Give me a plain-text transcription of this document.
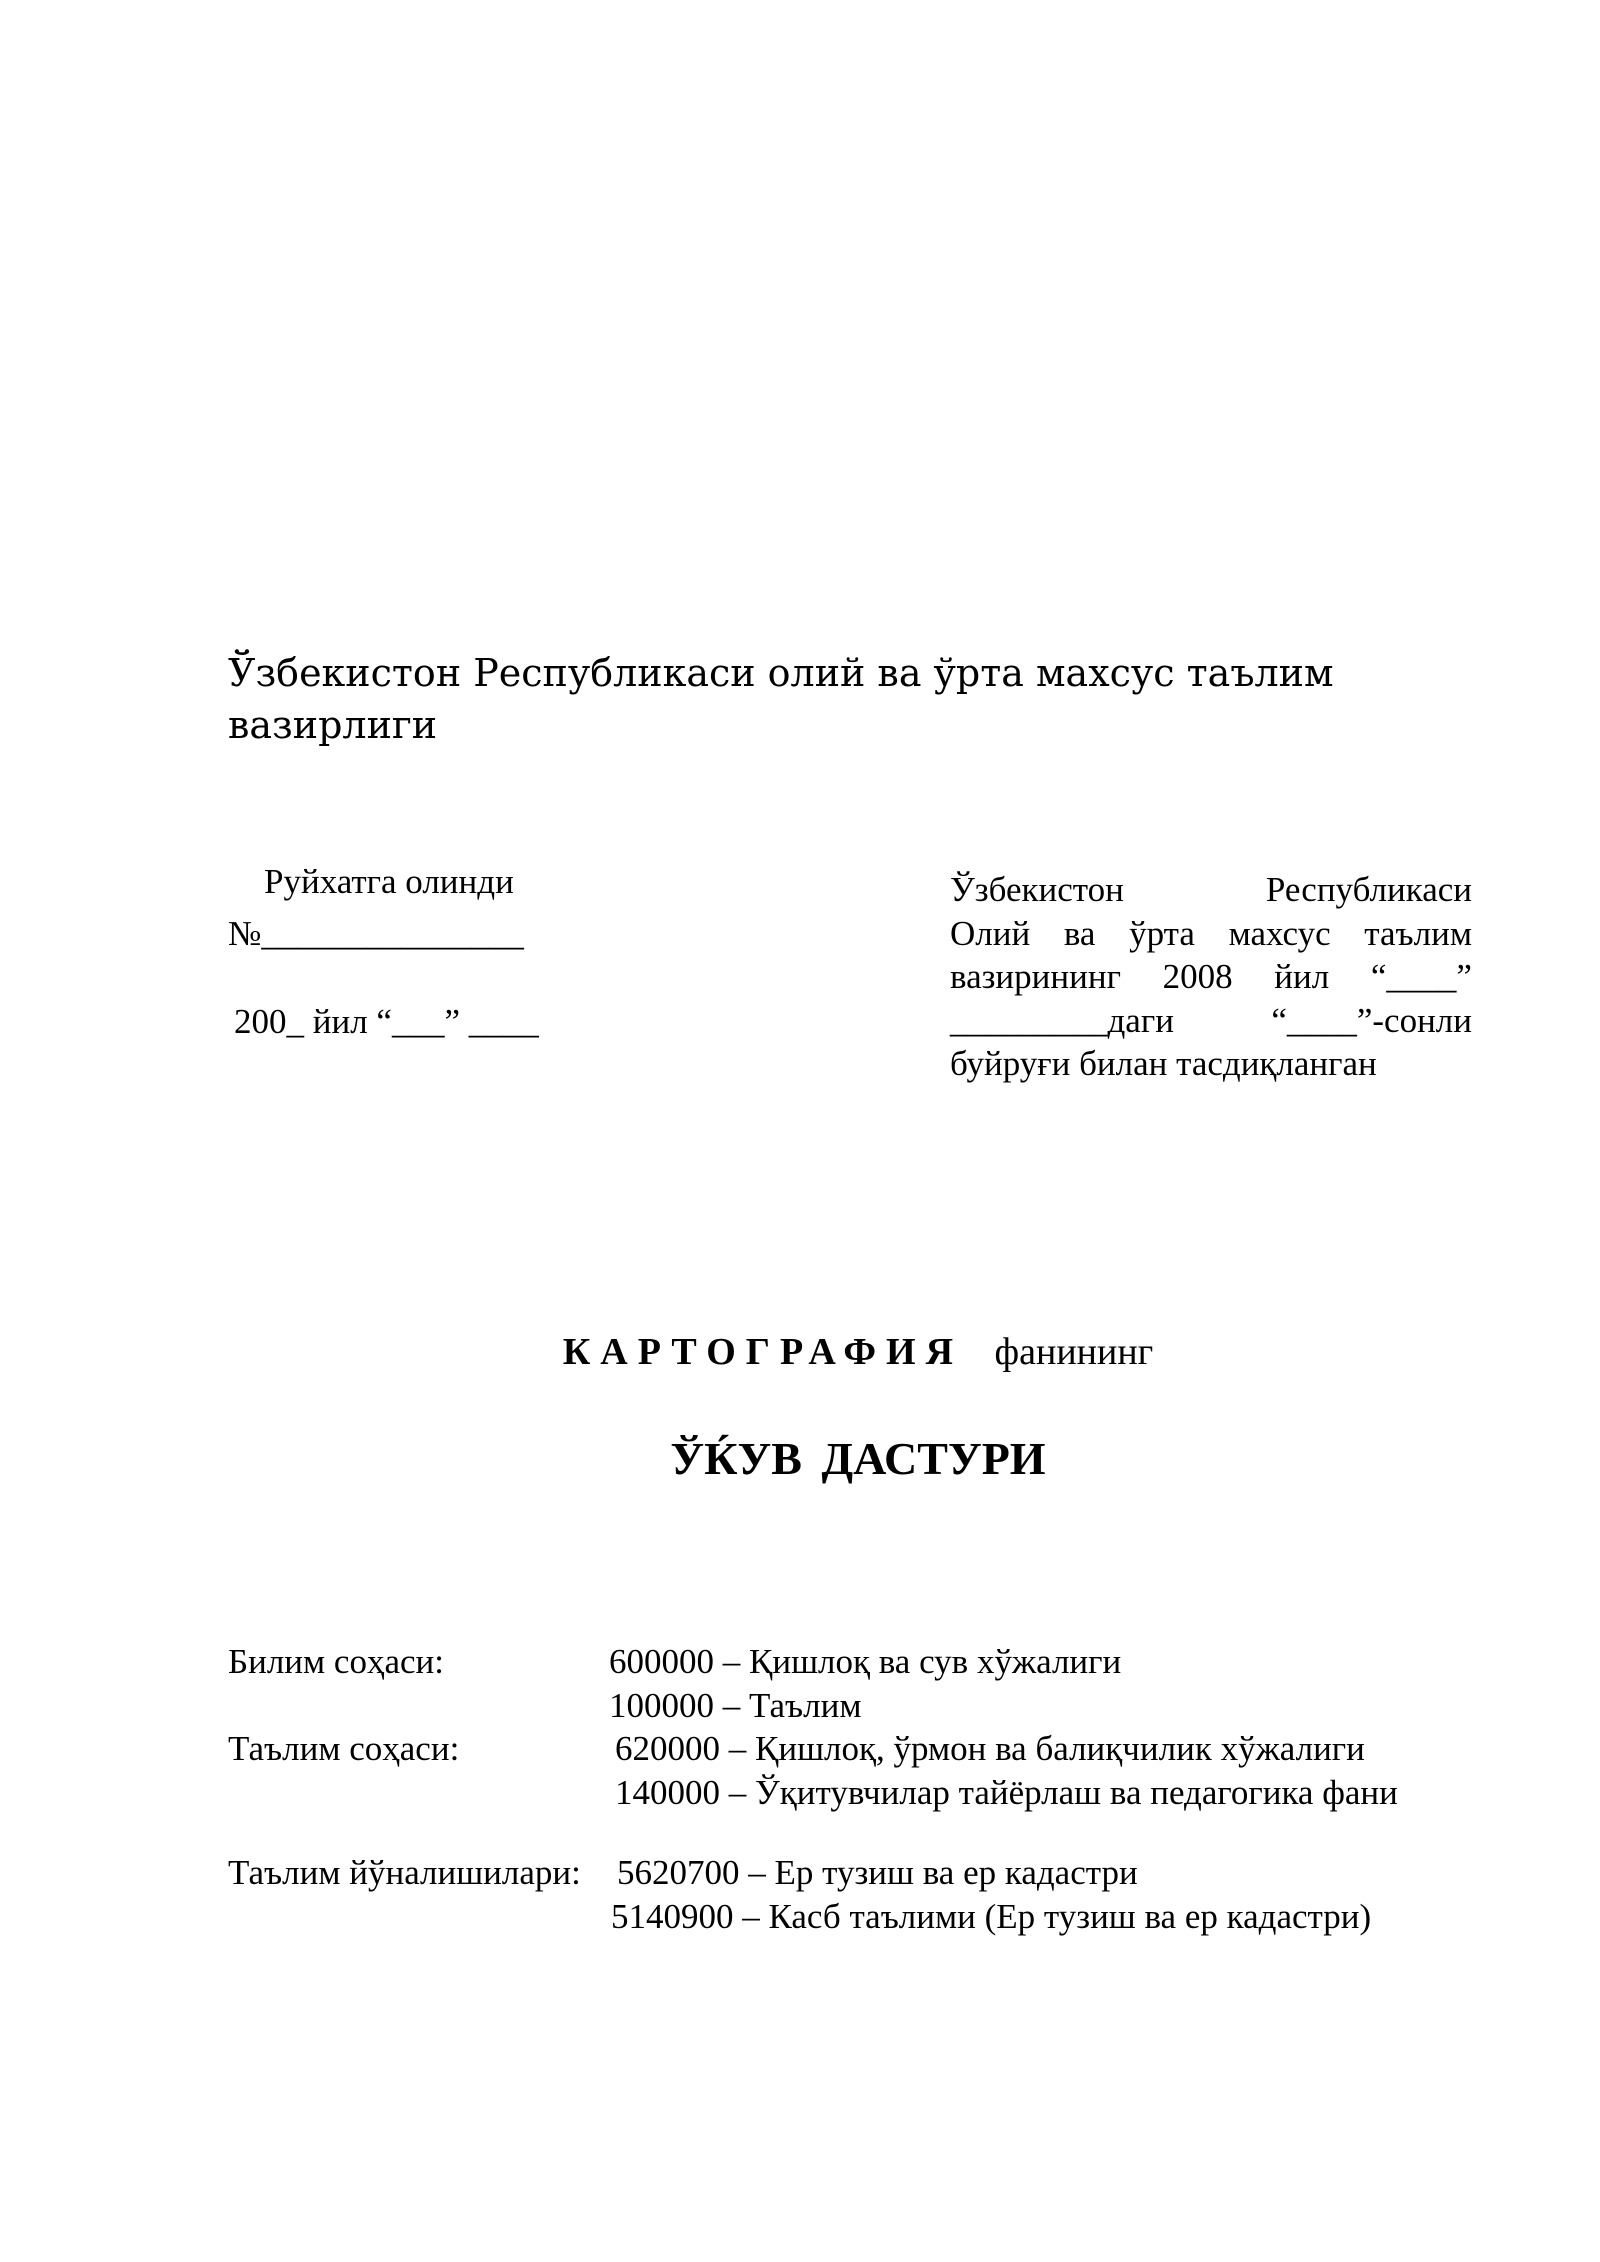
Ўзбекистон Республикаси олий ва ўрта махсус таълим
вазирлиги
Руйхатга олинди
№_______________
200_ йил “___” ____
Ўзбекистон	Республикаси
Олий ва ўрта махсус таълим
вазирининг 2008 йил “____”
_________даги	“____”-сонли
буйруғи билан тасдиқланган
КАРТОГРАФИЯ фанининг
ЎЌУВ ДАСТУРИ
Билим соҳаси:	600000 – Қишлоқ ва сув хўжалиги
100000 – Таълим
Таълим соҳаси:	620000 – Қишлоқ, ўрмон ва балиқчилик хўжалиги
140000 – Ўқитувчилар тайёрлаш ва педагогика фани
Таълим йўналишилари: 5620700 – Ер тузиш ва ер кадастри
5140900 – Касб таълими (Ер тузиш ва ер кадастри)
